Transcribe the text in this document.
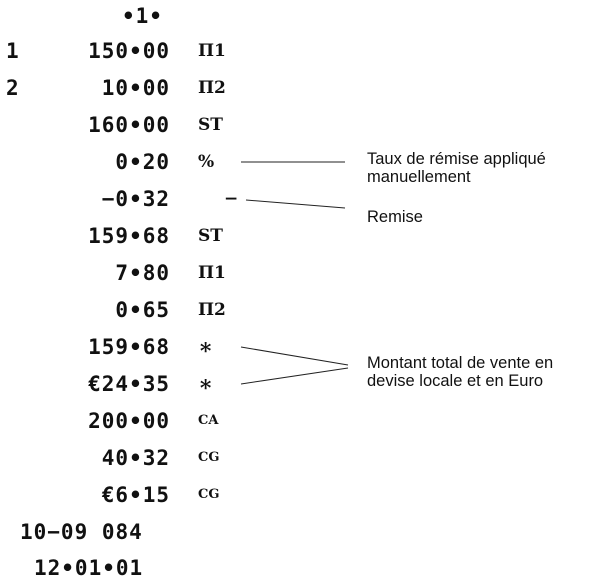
•1•
1	150•00 Π1
2	10•00 Π2
160•00 ST
0•20 %
−0•32	−
159•68 ST
7•80 Π1
0•65 Π2
159•68 ∗
€24•35 ∗
200•00 CA
40•32 CG
€6•15 CG
10−09 084
12•01•01
Taux de rémise appliqué
manuellement
Remise
Montant total de vente en
devise locale et en Euro
